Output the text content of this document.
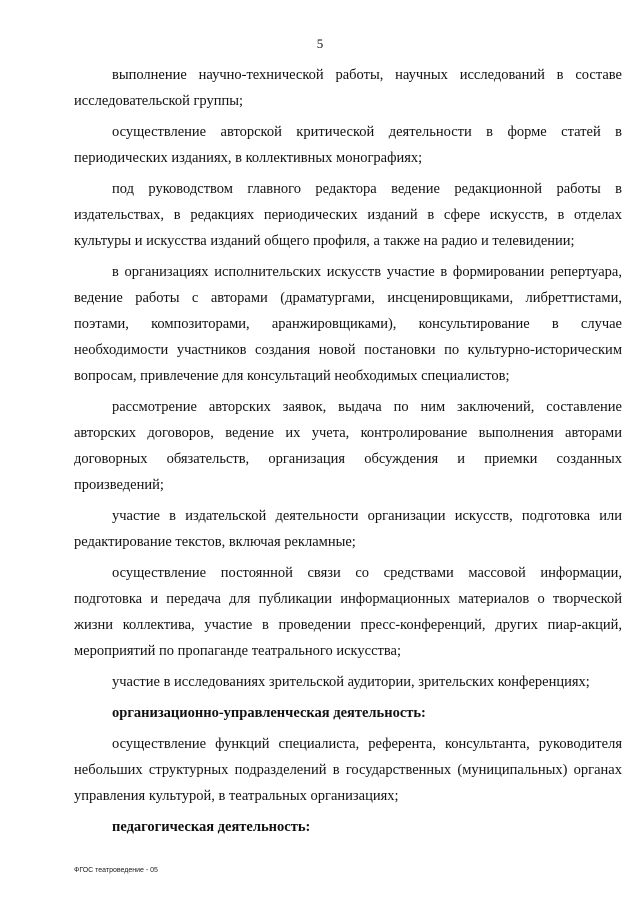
5

выполнение научно-технической работы, научных исследований в составе исследовательской группы;

осуществление авторской критической деятельности в форме статей в периодических изданиях, в коллективных монографиях;

под руководством главного редактора ведение редакционной работы в издательствах, в редакциях периодических изданий в сфере искусств, в отделах культуры и искусства изданий общего профиля, а также на радио и телевидении;

в организациях исполнительских искусств участие в формировании репертуара, ведение работы с авторами (драматургами, инсценировщиками, либреттистами, поэтами, композиторами, аранжировщиками), консультирование в случае необходимости участников создания новой постановки по культурно-историческим вопросам, привлечение для консультаций необходимых специалистов;

рассмотрение авторских заявок, выдача по ним заключений, составление авторских договоров, ведение их учета, контролирование выполнения авторами договорных обязательств, организация обсуждения и приемки созданных произведений;

участие в издательской деятельности организации искусств, подготовка или редактирование текстов, включая рекламные;

осуществление постоянной связи со средствами массовой информации, подготовка и передача для публикации информационных материалов о творческой жизни коллектива, участие в проведении пресс-конференций, других пиар-акций, мероприятий по пропаганде театрального искусства;

участие в исследованиях зрительской аудитории, зрительских конференциях;

организационно-управленческая деятельность:

осуществление функций специалиста, референта, консультанта, руководителя небольших структурных подразделений в государственных (муниципальных) органах управления культурой, в театральных организациях;

педагогическая деятельность:

ФГОС театроведение - 05
